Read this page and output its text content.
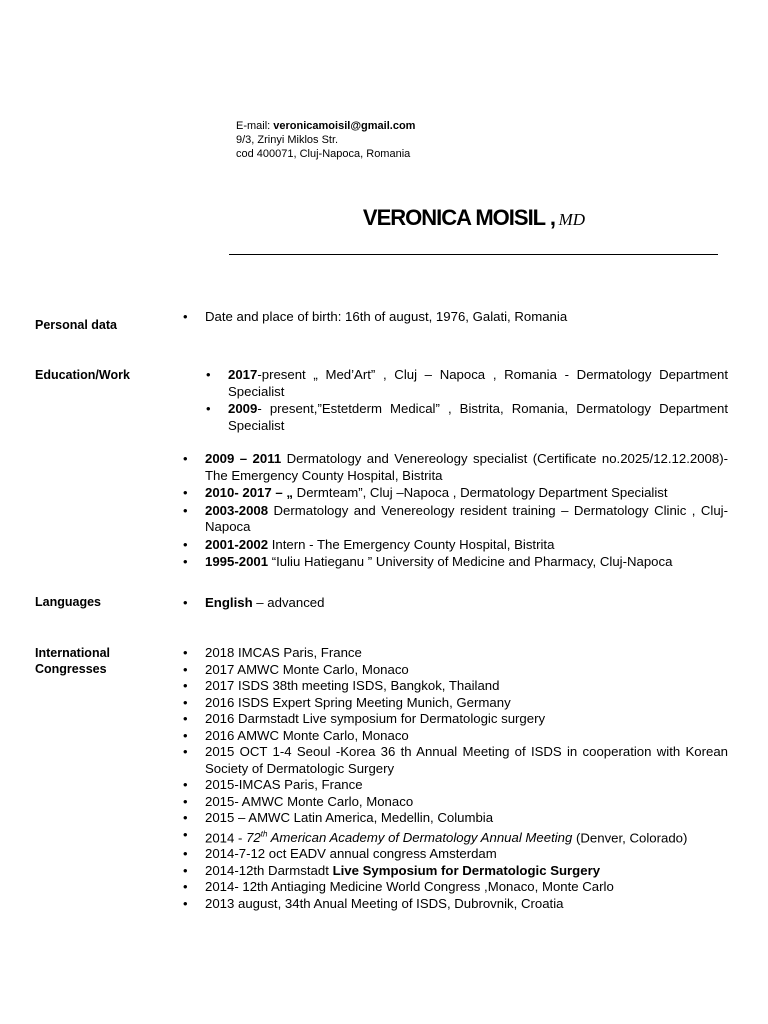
E-mail: veronicamoisil@gmail.com
9/3, Zrinyi Miklos Str.
cod 400071, Cluj-Napoca, Romania
VERONICA MOISIL , MD
Personal data
• Date and place of birth: 16th of august, 1976, Galati, Romania
Education/Work	• 2017-present „ Med’Art” , Cluj – Napoca , Romania - Dermatology Department Specialist
• 2009- present,”Estetderm Medical” , Bistrita, Romania, Dermatology Department Specialist
• 2009 – 2011 Dermatology and Venereology specialist (Certificate no.2025/12.12.2008)- The Emergency County Hospital, Bistrita
• 2010- 2017 – „ Dermteam”, Cluj –Napoca , Dermatology Department Specialist
• 2003-2008 Dermatology and Venereology resident training – Dermatology Clinic , Cluj-Napoca
• 2001-2002 Intern - The Emergency County Hospital, Bistrita
• 1995-2001 “Iuliu Hatieganu ” University of Medicine and Pharmacy, Cluj-Napoca
Languages	• English – advanced
International
Congresses
• 2018 IMCAS Paris, France
• 2017 AMWC Monte Carlo, Monaco
• 2017 ISDS 38th meeting ISDS, Bangkok, Thailand
• 2016 ISDS Expert Spring Meeting Munich, Germany
• 2016 Darmstadt Live symposium for Dermatologic surgery
• 2016 AMWC Monte Carlo, Monaco
• 2015 OCT 1-4 Seoul -Korea 36 th Annual Meeting of ISDS in cooperation with Korean Society of Dermatologic Surgery
• 2015-IMCAS Paris, France
• 2015- AMWC Monte Carlo, Monaco
• 2015 – AMWC Latin America, Medellin, Columbia
• 2014 - 72th American Academy of Dermatology Annual Meeting (Denver, Colorado)
• 2014-7-12 oct EADV annual congress Amsterdam
• 2014-12th Darmstadt Live Symposium for Dermatologic Surgery
• 2014- 12th Antiaging Medicine World Congress ,Monaco, Monte Carlo
• 2013 august, 34th Anual Meeting of ISDS, Dubrovnik, Croatia
